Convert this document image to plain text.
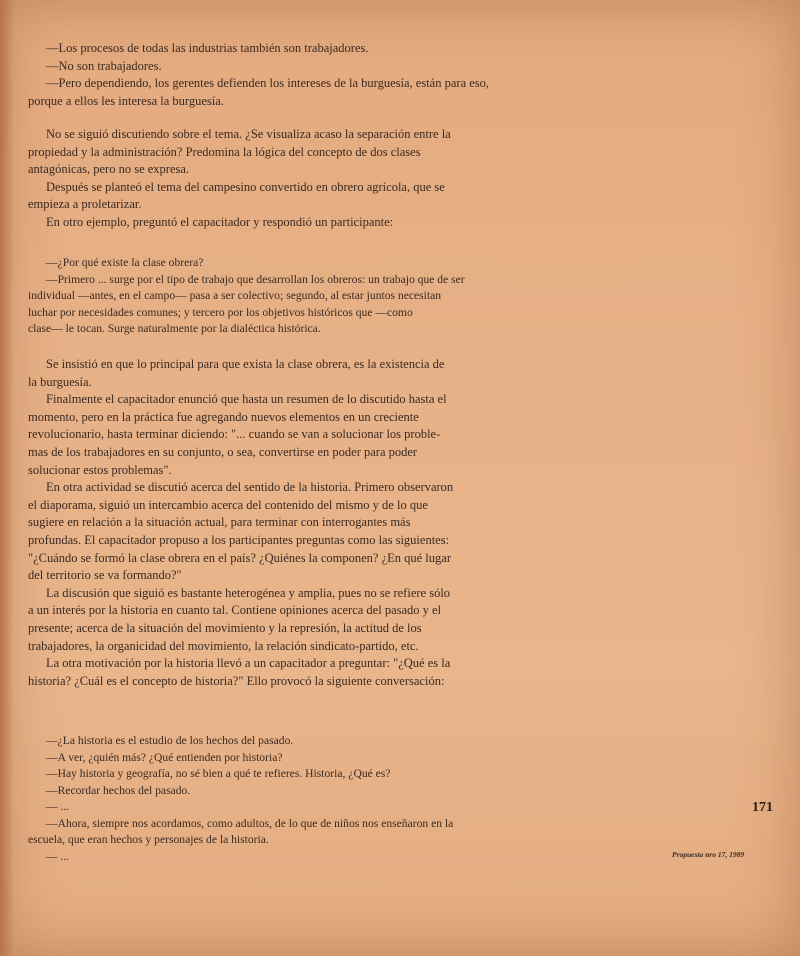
—Los procesos de todas las industrias también son trabajadores.
—No son trabajadores.
—Pero dependiendo, los gerentes defienden los intereses de la burguesía, están para eso,
porque a ellos les interesa la burguesía.
No se siguió discutiendo sobre el tema. ¿Se visualiza acaso la separación entre la
propiedad y la administración? Predomina la lógica del concepto de dos clases
antagónicas, pero no se expresa.
Después se planteó el tema del campesino convertido en obrero agrícola, que se
empieza a proletarizar.
En otro ejemplo, preguntó el capacitador y respondió un participante:
—¿Por qué existe la clase obrera?
—Primero ... surge por el tipo de trabajo que desarrollan los obreros: un trabajo que de ser
individual —antes, en el campo— pasa a ser colectivo; segundo, al estar juntos necesitan
luchar por necesidades comunes; y tercero por los objetivos históricos que —como
clase— le tocan. Surge naturalmente por la dialéctica histórica.
Se insistió en que lo principal para que exista la clase obrera, es la existencia de
la burguesía.
Finalmente el capacitador enunció que hasta un resumen de lo discutido hasta el
momento, pero en la práctica fue agregando nuevos elementos en un creciente
revolucionario, hasta terminar diciendo: "... cuando se van a solucionar los proble-
mas de los trabajadores en su conjunto, o sea, convertirse en poder para poder
solucionar estos problemas".
En otra actividad se discutió acerca del sentido de la historia. Primero observaron
el diaporama, siguió un intercambio acerca del contenido del mismo y de lo que
sugiere en relación a la situación actual, para terminar con interrogantes más
profundas. El capacitador propuso a los participantes preguntas como las siguientes:
"¿Cuándo se formó la clase obrera en el país? ¿Quiénes la componen? ¿En qué lugar
del territorio se va formando?"
La discusión que siguió es bastante heterogénea y amplia, pues no se refiere sólo
a un interés por la historia en cuanto tal. Contiene opiniones acerca del pasado y el
presente; acerca de la situación del movimiento y la represión, la actitud de los
trabajadores, la organicidad del movimiento, la relación sindicato-partido, etc.
La otra motivación por la historia llevó a un capacitador a preguntar: "¿Qué es la
historia? ¿Cuál es el concepto de historia?" Ello provocó la siguiente conversación:
—¿La historia es el estudio de los hechos del pasado.
—A ver, ¿quién más? ¿Qué entienden por historia?
—Hay historia y geografía, no sé bien a qué te refieres. Historia, ¿Qué es?
—Recordar hechos del pasado.
— ...
—Ahora, siempre nos acordamos, como adultos, de lo que de niños nos enseñaron en la
escuela, que eran hechos y personajes de la historia.
— ...
171
Propuesta nro 17, 1989
